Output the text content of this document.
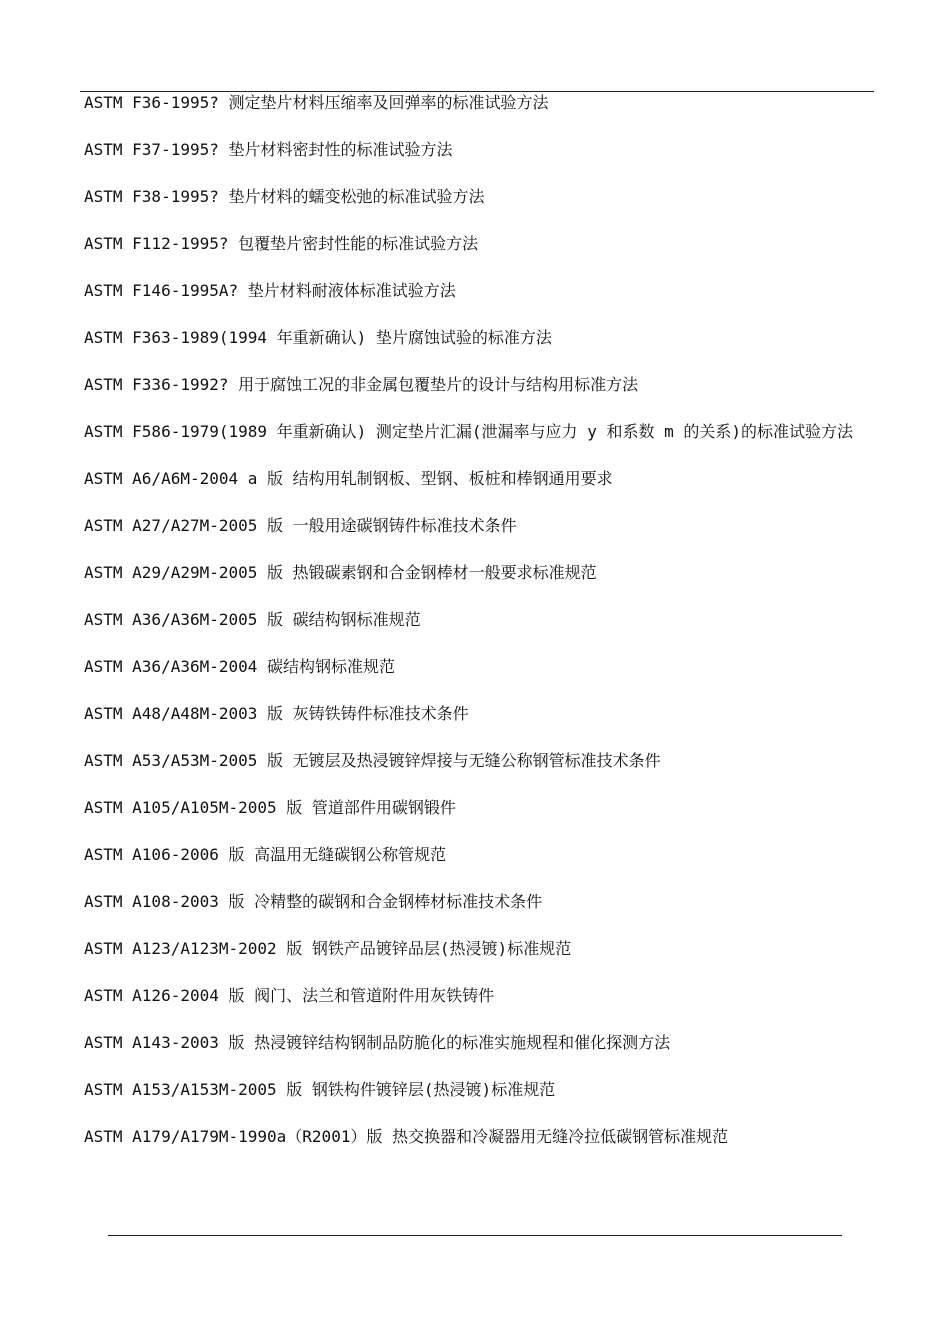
ASTM F36-1995? 测定垫片材料压缩率及回弹率的标准试验方法
ASTM F37-1995? 垫片材料密封性的标准试验方法
ASTM F38-1995? 垫片材料的蠕变松弛的标准试验方法
ASTM F112-1995? 包覆垫片密封性能的标准试验方法
ASTM F146-1995A? 垫片材料耐液体标准试验方法
ASTM F363-1989(1994 年重新确认) 垫片腐蚀试验的标准方法
ASTM F336-1992? 用于腐蚀工况的非金属包覆垫片的设计与结构用标准方法
ASTM F586-1979(1989 年重新确认) 测定垫片汇漏(泄漏率与应力 y 和系数 m 的关系)的标准试验方法
ASTM A6/A6M-2004 a 版 结构用轧制钢板、型钢、板桩和棒钢通用要求
ASTM A27/A27M-2005 版 一般用途碳钢铸件标准技术条件
ASTM A29/A29M-2005 版 热锻碳素钢和合金钢棒材一般要求标准规范
ASTM A36/A36M-2005 版 碳结构钢标准规范
ASTM A36/A36M-2004 碳结构钢标准规范
ASTM A48/A48M-2003 版 灰铸铁铸件标准技术条件
ASTM A53/A53M-2005 版 无镀层及热浸镀锌焊接与无缝公称钢管标准技术条件
ASTM A105/A105M-2005 版 管道部件用碳钢锻件
ASTM A106-2006 版 高温用无缝碳钢公称管规范
ASTM A108-2003 版 冷精整的碳钢和合金钢棒材标准技术条件
ASTM A123/A123M-2002 版 钢铁产品镀锌品层(热浸镀)标准规范
ASTM A126-2004 版 阀门、法兰和管道附件用灰铁铸件
ASTM A143-2003 版 热浸镀锌结构钢制品防脆化的标准实施规程和催化探测方法
ASTM A153/A153M-2005 版 钢铁构件镀锌层(热浸镀)标准规范
ASTM A179/A179M-1990a（R2001）版 热交换器和冷凝器用无缝冷拉低碳钢管标准规范
